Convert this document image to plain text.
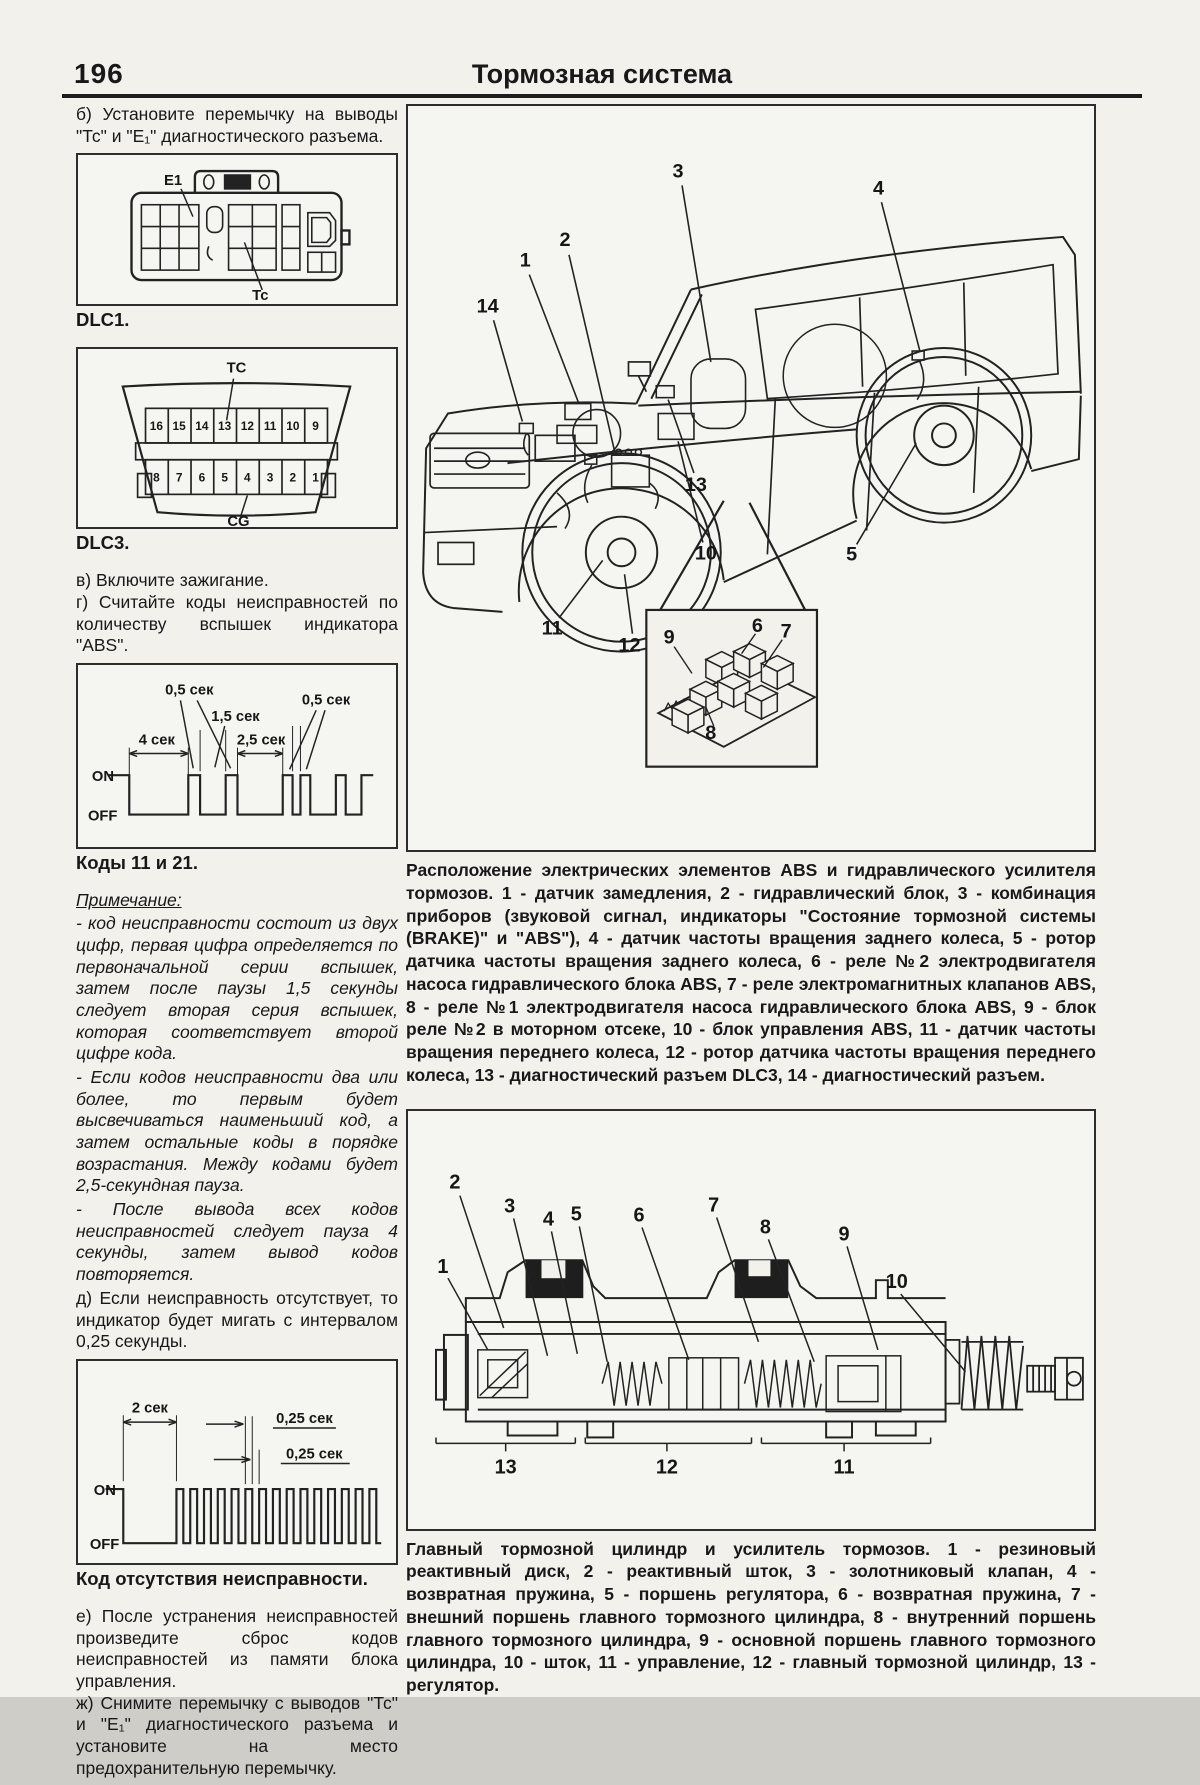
196	Тормозная система

б) Установите перемычку на выводы "Тс" и "Е₁" диагностического разъема.

E1
Тс
DLC1.
TC
CG
16 15 14 13 12 11 10 9
8 7 6 5 4 3 2 1
DLC3.

в) Включите зажигание.

г) Считайте коды неисправностей по количеству вспышек индикатора "ABS".

0,5 сек
1,5 сек
0,5 сек
4 сек	2,5 сек
ON
OFF
Коды 11 и 21.
Примечание:

- код неисправности состоит из двух цифр, первая цифра определяется по первоначальной серии вспышек, затем после паузы 1,5 секунды следует вторая серия вспышек, которая соответствует второй цифре кода.

- Если кодов неисправности два или более, то первым будет высвечиваться наименьший код, а затем остальные коды в порядке возрастания. Между кодами будет 2,5-секундная пауза.

- После вывода всех кодов неисправностей следует пауза 4 секунды, затем вывод кодов повторяется.

д) Если неисправность отсутствует, то индикатор будет мигать с интервалом 0,25 секунды.

2 сек
0,25 сек
0,25 сек
ON
OFF
Код отсутствия неисправности.

е) После устранения неисправностей произведите сброс кодов неисправностей из памяти блока управления.

ж) Снимите перемычку с выводов "Тс" и "Е₁" диагностического разъема и установите на место предохранительную перемычку.

1
2
3
4
5
6 7
8
9
10
11
12
13
14

Расположение электрических элементов ABS и гидравлического усилителя тормозов. 1 - датчик замедления, 2 - гидравлический блок, 3 - комбинация приборов (звуковой сигнал, индикаторы "Состояние тормозной системы (BRAKE)" и "ABS"), 4 - датчик частоты вращения заднего колеса, 5 - ротор датчика частоты вращения заднего колеса, 6 - реле №2 электродвигателя насоса гидравлического блока ABS, 7 - реле электромагнитных клапанов ABS, 8 - реле №1 электродвигателя насоса гидравлического блока ABS, 9 - блок реле №2 в моторном отсеке, 10 - блок управления ABS, 11 - датчик частоты вращения переднего колеса, 12 - ротор датчика частоты вращения переднего колеса, 13 - диагностический разъем DLC3, 14 - диагностический разъем.

1
2
3
4 5	6	7
8	9
10
13	12	11

Главный тормозной цилиндр и усилитель тормозов. 1 - резиновый реактивный диск, 2 - реактивный шток, 3 - золотниковый клапан, 4 - возвратная пружина, 5 - поршень регулятора, 6 - возвратная пружина, 7 - внешний поршень главного тормозного цилиндра, 8 - внутренний поршень главного тормозного цилиндра, 9 - основной поршень главного тормозного цилиндра, 10 - шток, 11 - управление, 12 - главный тормозной цилиндр, 13 - регулятор.
